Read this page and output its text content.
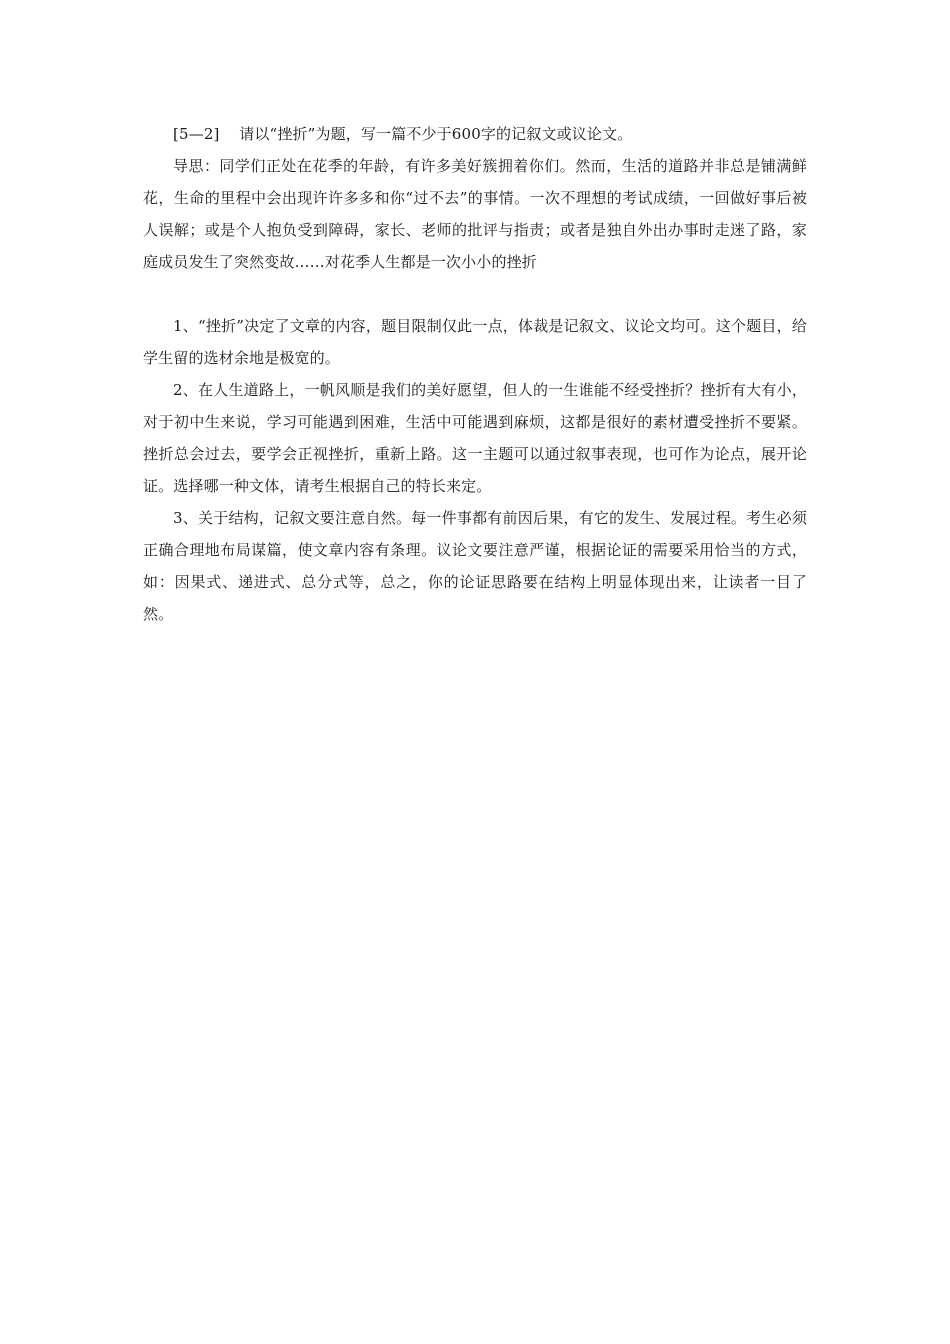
[5—2]    请以“挫折”为题，写一篇不少于600字的记叙文或议论文。

导思：同学们正处在花季的年龄，有许多美好簇拥着你们。然而，生活的道路并非总是铺满鲜花，生命的里程中会出现许许多多和你“过不去”的事情。一次不理想的考试成绩，一回做好事后被人误解；或是个人抱负受到障碍，家长、老师的批评与指责；或者是独自外出办事时走迷了路，家庭成员发生了突然变故……对花季人生都是一次小小的挫折

1、“挫折”决定了文章的内容，题目限制仅此一点，体裁是记叙文、议论文均可。这个题目，给学生留的选材余地是极宽的。

2、在人生道路上，一帆风顺是我们的美好愿望，但人的一生谁能不经受挫折？挫折有大有小，对于初中生来说，学习可能遇到困难，生活中可能遇到麻烦，这都是很好的素材遭受挫折不要紧。挫折总会过去，要学会正视挫折，重新上路。这一主题可以通过叙事表现，也可作为论点，展开论证。选择哪一种文体，请考生根据自己的特长来定。

3、关于结构，记叙文要注意自然。每一件事都有前因后果，有它的发生、发展过程。考生必须正确合理地布局谋篇，使文章内容有条理。议论文要注意严谨，根据论证的需要采用恰当的方式，如：因果式、递进式、总分式等，总之，你的论证思路要在结构上明显体现出来，让读者一目了然。
